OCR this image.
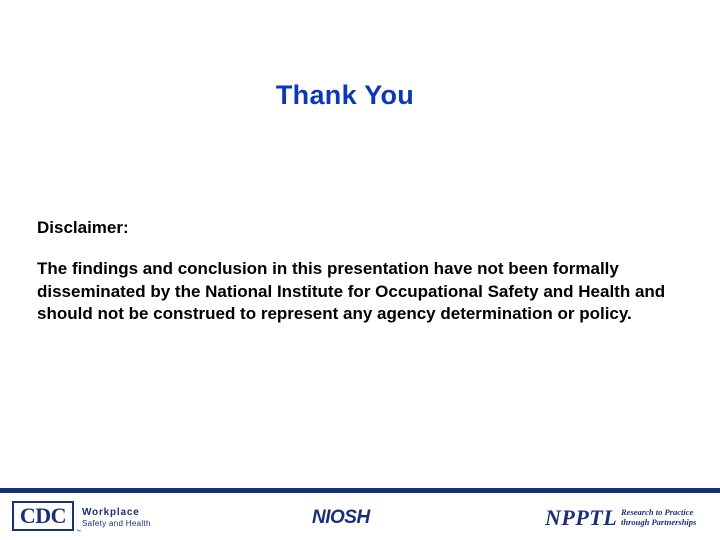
Thank You

Disclaimer:

The findings and conclusion in this presentation have not been formally disseminated by the National Institute for Occupational Safety and Health and should not be construed to represent any agency determination or policy.

CDC
™
Workplace
Safety and Health	NIOSH	NPPTL Research to Practice
through Partnerships
